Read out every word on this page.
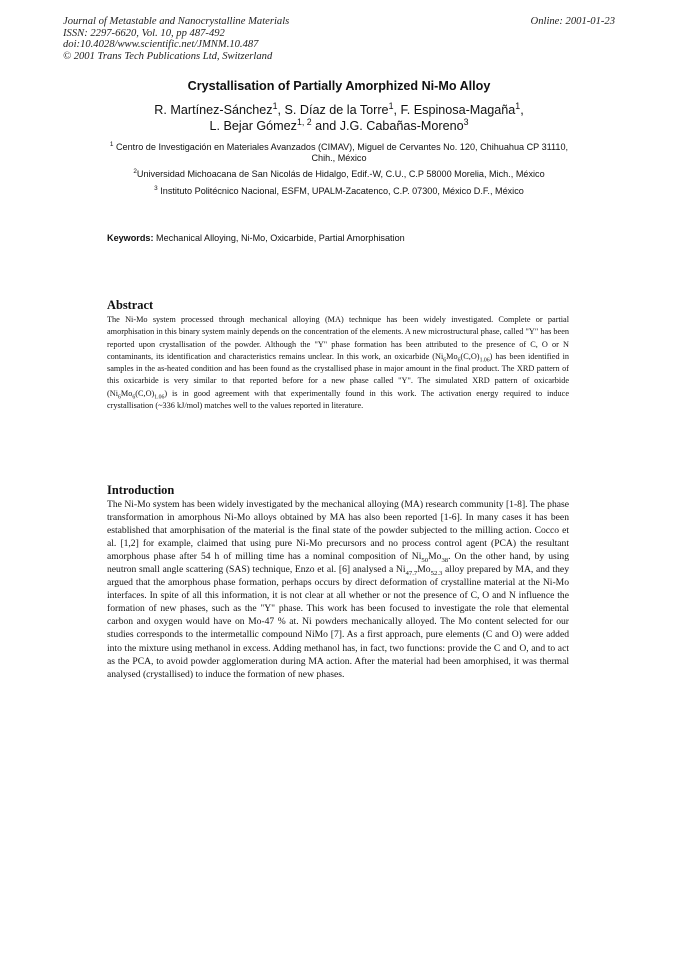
Journal of Metastable and Nanocrystalline Materials
ISSN: 2297-6620, Vol. 10, pp 487-492
doi:10.4028/www.scientific.net/JMNM.10.487
© 2001 Trans Tech Publications Ltd, Switzerland
Online: 2001-01-23
Crystallisation of Partially Amorphized Ni-Mo Alloy
R. Martínez-Sánchez$^1$, S. Díaz de la Torre$^1$, F. Espinosa-Magaña$^1$,
L. Bejar Gómez$^{1, 2}$ and J.G. Cabañas-Moreno$^3$
$^1$ Centro de Investigación en Materiales Avanzados (CIMAV), Miguel de Cervantes No. 120, Chihuahua CP 31110, Chih., México
$^2$Universidad Michoacana de San Nicolás de Hidalgo, Edif.-W, C.U., C.P 58000 Morelia, Mich., México
$^3$ Instituto Politécnico Nacional, ESFM, UPALM-Zacatenco, C.P. 07300, México D.F., México
Keywords: Mechanical Alloying, Ni-Mo, Oxicarbide, Partial Amorphisation
Abstract
The Ni-Mo system processed through mechanical alloying (MA) technique has been widely investigated. Complete or partial amorphisation in this binary system mainly depends on the concentration of the elements. A new microstructural phase, called "Y" has been reported upon crystallisation of the powder. Although the "Y" phase formation has been attributed to the presence of C, O or N contaminants, its identification and characteristics remains unclear. In this work, an oxicarbide $(Ni_6Mo_6(C,O)_{1.06})$ has been identified in samples in the as-heated condition and has been found as the crystallised phase in major amount in the final product. The XRD pattern of this oxicarbide is very similar to that reported before for a new phase called "Y". The simulated XRD pattern of oxicarbide $(Ni_6Mo_6(C,O)_{1.06})$ is in good agreement with that experimentally found in this work. The activation energy required to induce crystallisation (~336 kJ/mol) matches well to the values reported in literature.
Introduction
The Ni-Mo system has been widely investigated by the mechanical alloying (MA) research community [1-8]. The phase transformation in amorphous Ni-Mo alloys obtained by MA has also been reported [1-6]. In many cases it has been established that amorphisation of the material is the final state of the powder subjected to the milling action. Cocco et al. [1,2] for example, claimed that using pure Ni-Mo precursors and no process control agent (PCA) the resultant amorphous phase after 54 h of milling time has a nominal composition of $Ni_{50}Mo_{38}$. On the other hand, by using neutron small angle scattering (SAS) technique, Enzo et al. [6] analysed a $Ni_{47.7}Mo_{52.3}$ alloy prepared by MA, and they argued that the amorphous phase formation, perhaps occurs by direct deformation of crystalline material at the Ni-Mo interfaces. In spite of all this information, it is not clear at all whether or not the presence of C, O and N influence the formation of new phases, such as the "Y" phase. This work has been focused to investigate the role that elemental carbon and oxygen would have on Mo-47 % at. Ni powders mechanically alloyed. The Mo content selected for our studies corresponds to the intermetallic compound NiMo [7]. As a first approach, pure elements (C and O) were added into the mixture using methanol in excess. Adding methanol has, in fact, two functions: provide the C and O, and to act as the PCA, to avoid powder agglomeration during MA action. After the material had been amorphised, it was thermal analysed (crystallised) to induce the formation of new phases.
